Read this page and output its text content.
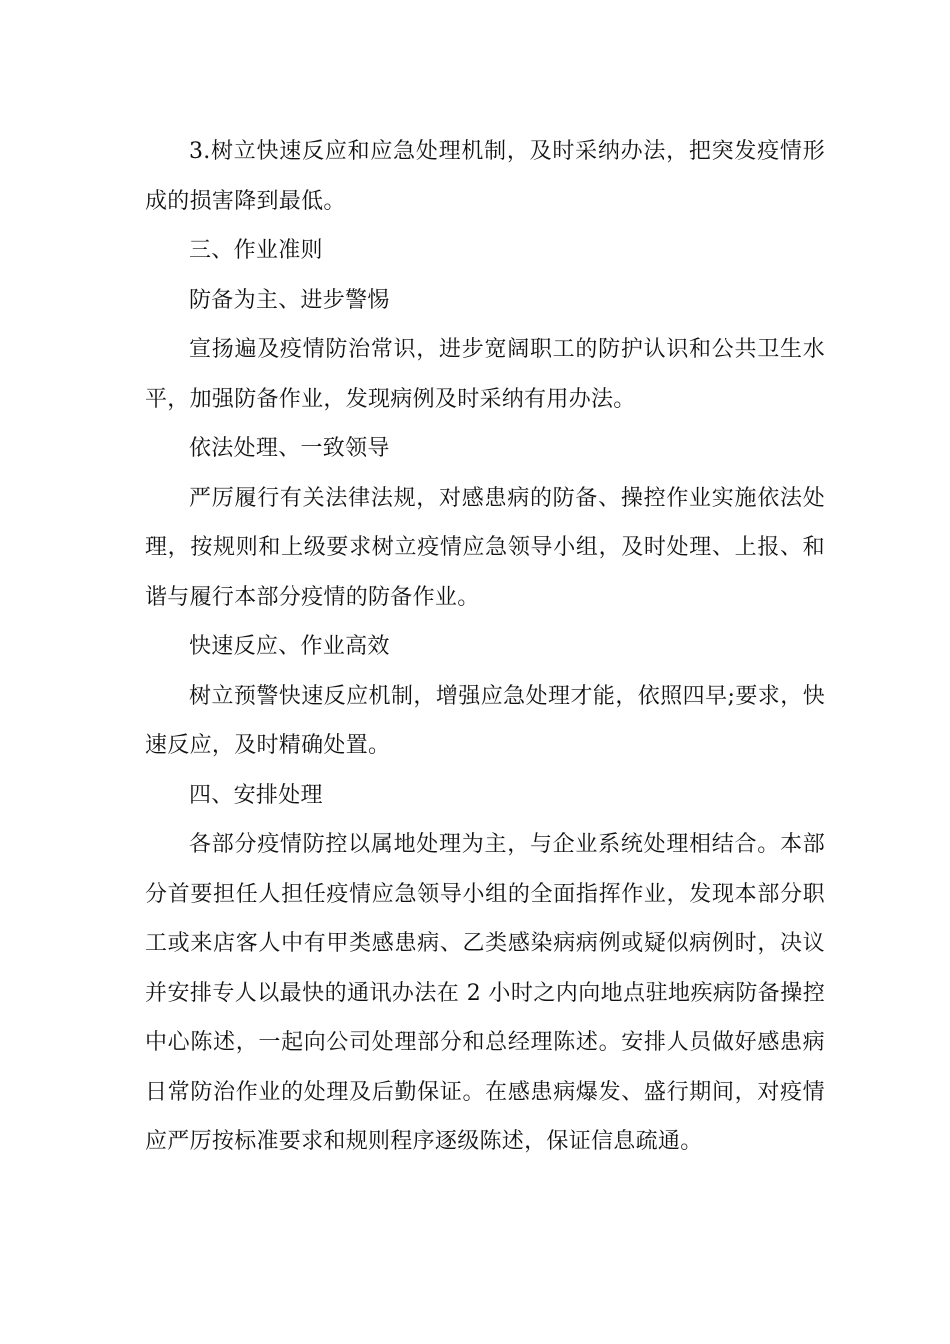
3.树立快速反应和应急处理机制，及时采纳办法，把突发疫情形成的损害降到最低。

三、作业准则

防备为主、进步警惕

宣扬遍及疫情防治常识，进步宽阔职工的防护认识和公共卫生水平，加强防备作业，发现病例及时采纳有用办法。

依法处理、一致领导

严厉履行有关法律法规，对感患病的防备、操控作业实施依法处理，按规则和上级要求树立疫情应急领导小组，及时处理、上报、和谐与履行本部分疫情的防备作业。

快速反应、作业高效

树立预警快速反应机制，增强应急处理才能，依照四早;要求，快速反应，及时精确处置。

四、安排处理

各部分疫情防控以属地处理为主，与企业系统处理相结合。本部分首要担任人担任疫情应急领导小组的全面指挥作业，发现本部分职工或来店客人中有甲类感患病、乙类感染病病例或疑似病例时，决议并安排专人以最快的通讯办法在 2 小时之内向地点驻地疾病防备操控中心陈述，一起向公司处理部分和总经理陈述。安排人员做好感患病日常防治作业的处理及后勤保证。在感患病爆发、盛行期间，对疫情应严厉按标准要求和规则程序逐级陈述，保证信息疏通。
